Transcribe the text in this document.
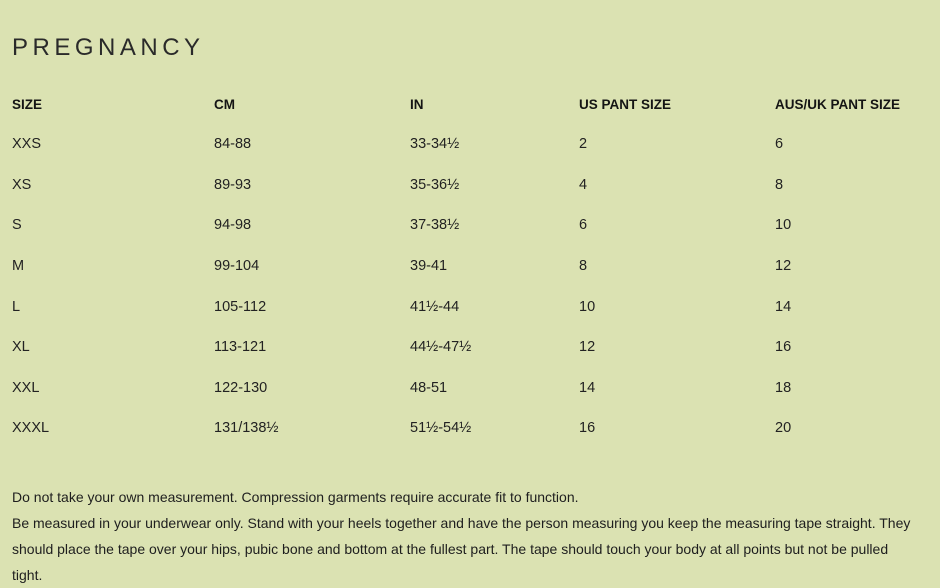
PREGNANCY
SIZE	CM	IN	US PANT SIZE	AUS/UK PANT SIZE
XXS	84-88	33-34½	2	6
XS	89-93	35-36½	4	8
S	94-98	37-38½	6	10
M	99-104	39-41	8	12
L	105-112	41½-44	10	14
XL	113-121	44½-47½	12	16
XXL	122-130	48-51	14	18
XXXL	131/138½	51½-54½	16	20

Do not take your own measurement. Compression garments require accurate fit to function.

Be measured in your underwear only. Stand with your heels together and have the person measuring you keep the measuring tape straight. They should place the tape over your hips, pubic bone and bottom at the fullest part. The tape should touch your body at all points but not be pulled tight.
